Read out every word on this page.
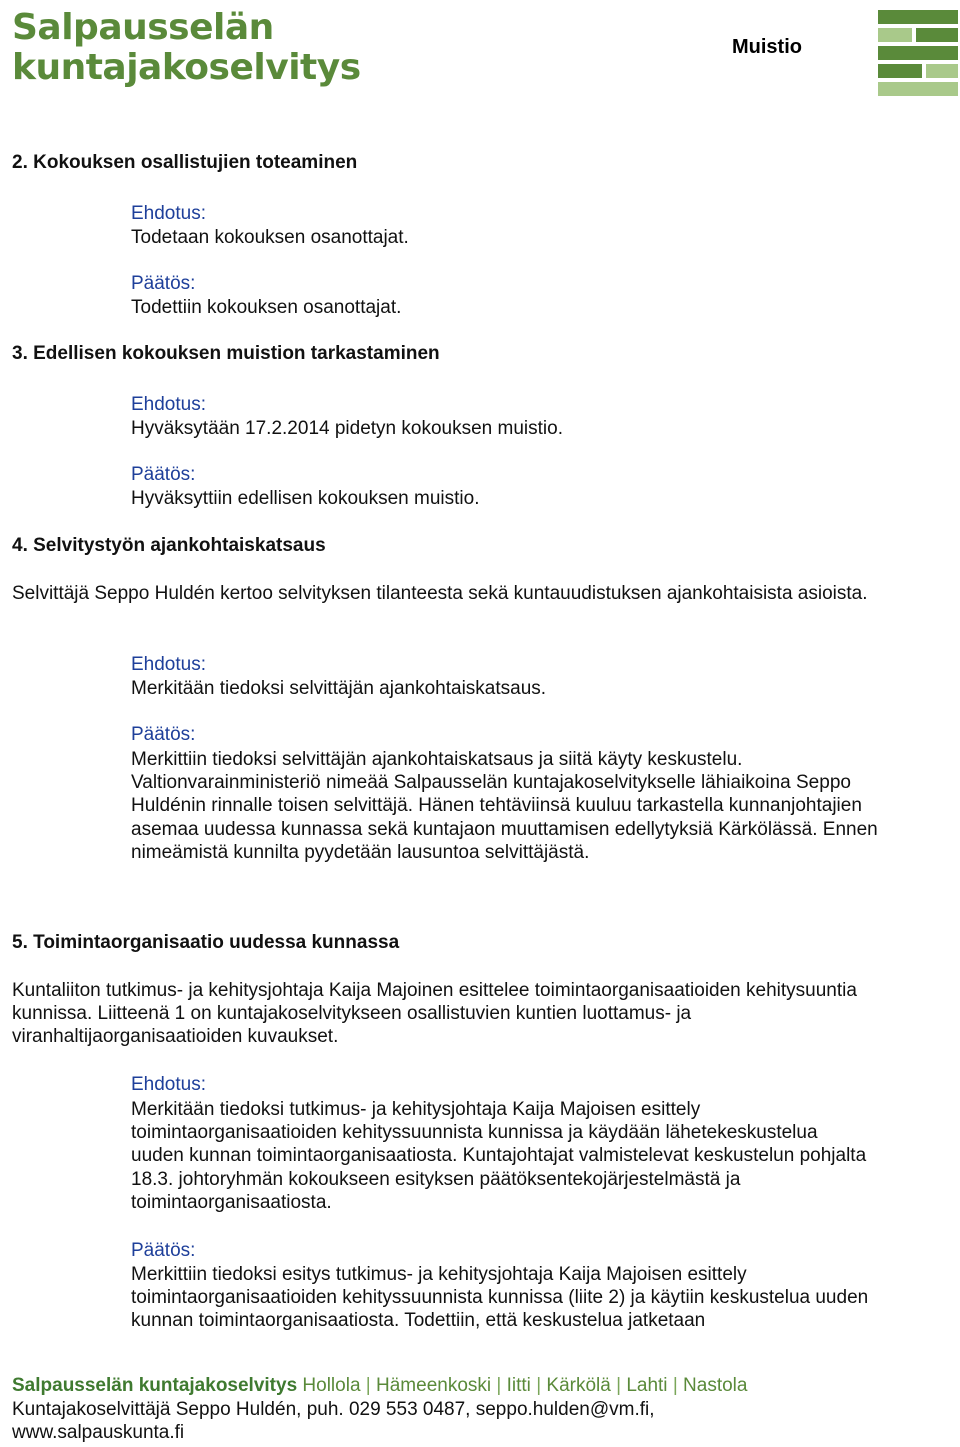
Salpausselän
kuntajakoselvitys	Muistio
2. Kokouksen osallistujien toteaminen
Ehdotus:
Todetaan kokouksen osanottajat.
Päätös:
Todettiin kokouksen osanottajat.
3. Edellisen kokouksen muistion tarkastaminen
Ehdotus:
Hyväksytään 17.2.2014 pidetyn kokouksen muistio.
Päätös:
Hyväksyttiin edellisen kokouksen muistio.
4. Selvitystyön ajankohtaiskatsaus
Selvittäjä Seppo Huldén kertoo selvityksen tilanteesta sekä kuntauudistuksen ajankohtaisista asioista.
Ehdotus:
Merkitään tiedoksi selvittäjän ajankohtaiskatsaus.
Päätös:
Merkittiin tiedoksi selvittäjän ajankohtaiskatsaus ja siitä käyty keskustelu. Valtionvarainministeriö nimeää Salpausselän kuntajakoselvitykselle lähiaikoina Seppo Huldénin rinnalle toisen selvittäjä. Hänen tehtäviinsä kuuluu tarkastella kunnanjohtajien asemaa uudessa kunnassa sekä kuntajaon muuttamisen edellytyksiä Kärkölässä. Ennen nimeämistä kunnilta pyydetään lausuntoa selvittäjästä.
5. Toimintaorganisaatio uudessa kunnassa
Kuntaliiton tutkimus- ja kehitysjohtaja Kaija Majoinen esittelee toimintaorganisaatioiden kehitysuuntia kunnissa. Liitteenä 1 on kuntajakoselvitykseen osallistuvien kuntien luottamus- ja viranhaltijaorganisaatioiden kuvaukset.
Ehdotus:
Merkitään tiedoksi tutkimus- ja kehitysjohtaja Kaija Majoisen esittely toimintaorganisaatioiden kehityssuunnista kunnissa ja käydään lähetekeskustelua uuden kunnan toimintaorganisaatiosta. Kuntajohtajat valmistelevat keskustelun pohjalta 18.3. johtoryhmän kokoukseen esityksen päätöksentekojärjestelmästä ja toimintaorganisaatiosta.
Päätös:
Merkittiin tiedoksi esitys tutkimus- ja kehitysjohtaja Kaija Majoisen esittely toimintaorganisaatioiden kehityssuunnista kunnissa (liite 2) ja käytiin keskustelua uuden kunnan toimintaorganisaatiosta. Todettiin, että keskustelua jatketaan
Salpausselän kuntajakoselvitys Hollola | Hämeenkoski | Iitti | Kärkölä | Lahti | Nastola
Kuntajakoselvittäjä Seppo Huldén, puh. 029 553 0487, seppo.hulden@vm.fi,
www.salpauskunta.fi
